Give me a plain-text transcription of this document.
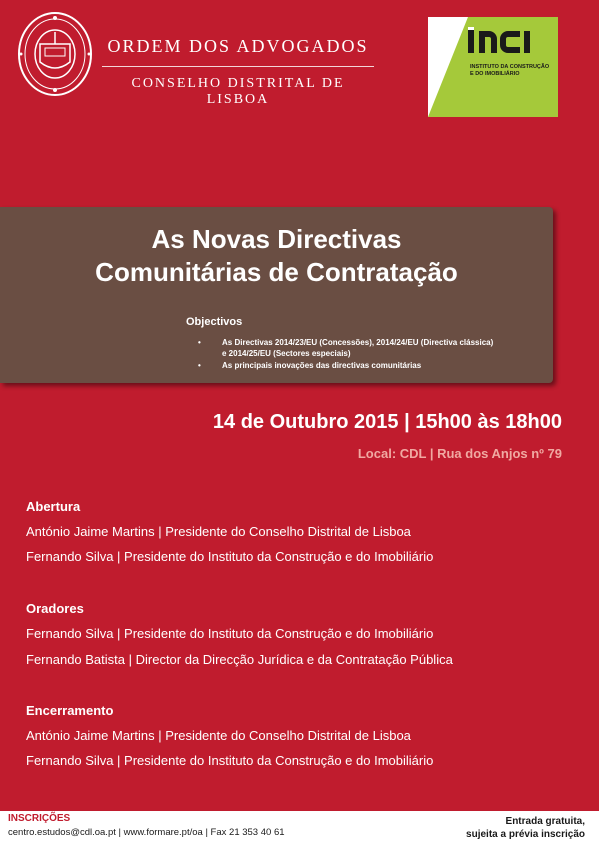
ORDEM DOS ADVOGADOS
CONSELHO DISTRITAL DE LISBOA
INSTITUTO DA CONSTRUÇÃO
E DO IMOBILIÁRIO
As Novas Directivas
Comunitárias de Contratação
Objectivos
•	As Directivas 2014/23/EU (Concessões), 2014/24/EU (Directiva clássica)
e 2014/25/EU (Sectores especiais)
•	As principais inovações das directivas comunitárias
14 de Outubro 2015 | 15h00 às 18h00
Local: CDL | Rua dos Anjos nº 79
Abertura
António Jaime Martins | Presidente do Conselho Distrital de Lisboa
Fernando Silva | Presidente do Instituto da Construção e do Imobiliário
Oradores
Fernando Silva | Presidente do Instituto da Construção e do Imobiliário
Fernando Batista | Director da Direcção Jurídica e da Contratação Pública
Encerramento
António Jaime Martins | Presidente do Conselho Distrital de Lisboa
Fernando Silva | Presidente do Instituto da Construção e do Imobiliário
INSCRIÇÕES
centro.estudos@cdl.oa.pt | www.formare.pt/oa | Fax 21 353 40 61
Entrada gratuita,
sujeita a prévia inscrição
